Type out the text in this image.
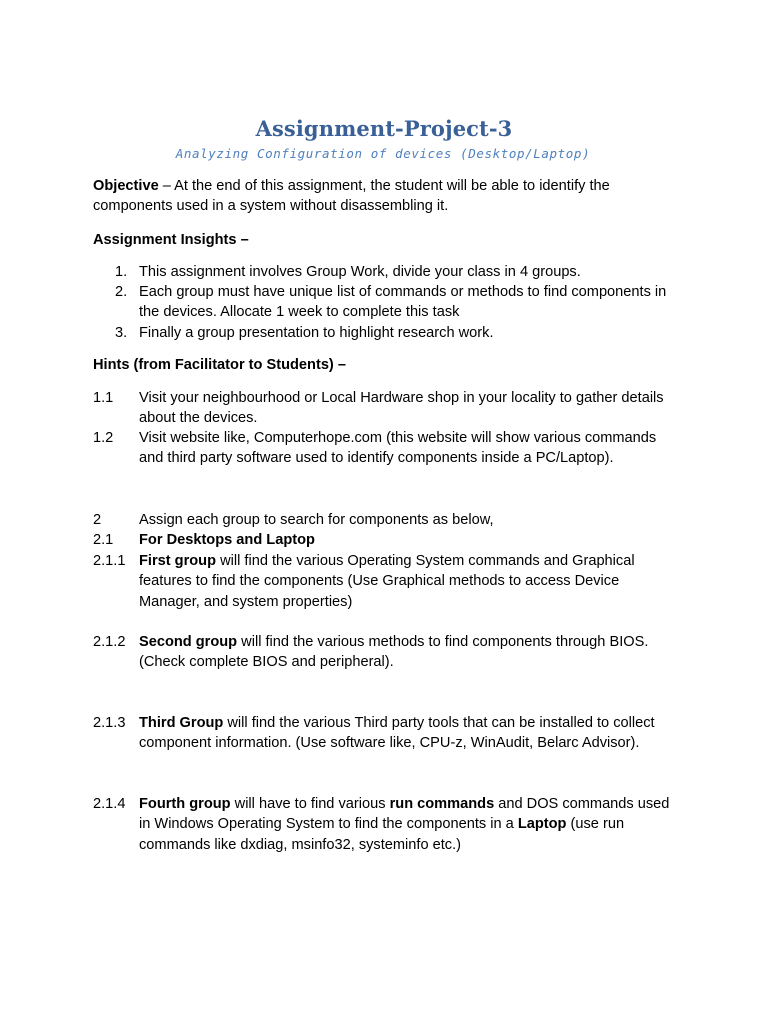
Assignment-Project-3
Analyzing Configuration of devices (Desktop/Laptop)
Objective – At the end of this assignment, the student will be able to identify the components used in a system without disassembling it.
Assignment Insights –
1. This assignment involves Group Work, divide your class in 4 groups.
2. Each group must have unique list of commands or methods to find components in the devices. Allocate 1 week to complete this task
3. Finally a group presentation to highlight research work.
Hints (from Facilitator to Students) –
1.1 Visit your neighbourhood or Local Hardware shop in your locality to gather details about the devices.
1.2 Visit website like, Computerhope.com (this website will show various commands and third party software used to identify components inside a PC/Laptop).
2	Assign each group to search for components as below,
2.1 For Desktops and Laptop
2.1.1 First group will find the various Operating System commands and Graphical features to find the components (Use Graphical methods to access Device Manager, and system properties)
2.1.2 Second group will find the various methods to find components through BIOS. (Check complete BIOS and peripheral).
2.1.3 Third Group will find the various Third party tools that can be installed to collect component information. (Use software like, CPU-z, WinAudit, Belarc Advisor).
2.1.4 Fourth group will have to find various run commands and DOS commands used in Windows Operating System to find the components in a Laptop (use run commands like dxdiag, msinfo32, systeminfo etc.)
